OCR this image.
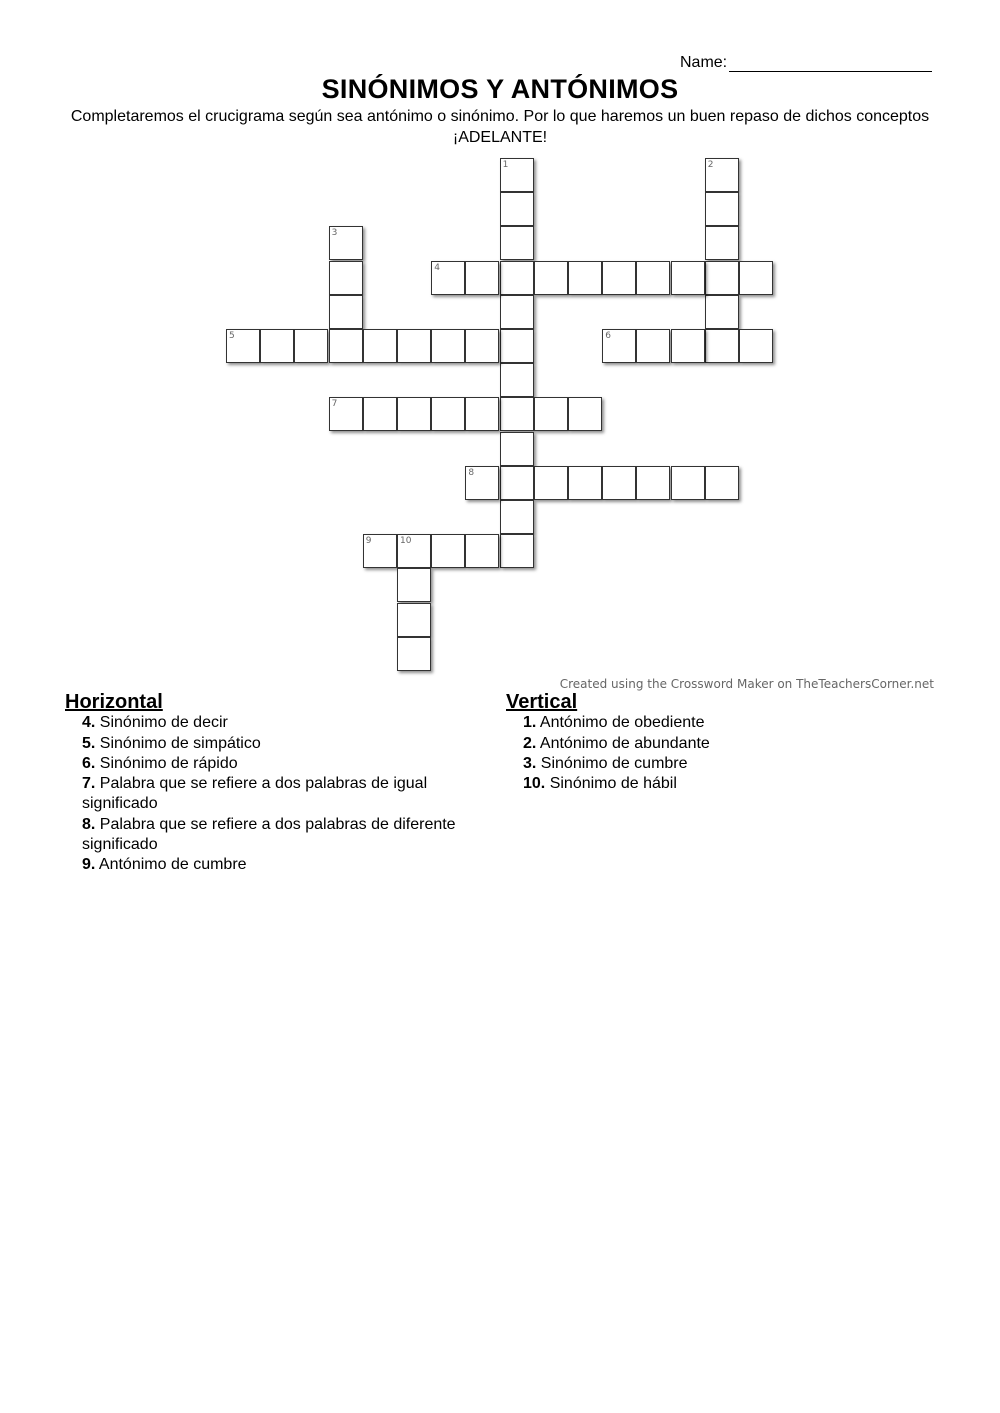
Name:
SINÓNIMOS Y ANTÓNIMOS
Completaremos el crucigrama según sea antónimo o sinónimo. Por lo que haremos un buen repaso de dichos conceptos ¡ADELANTE!
1	2
3
4
5	6
7
8
9	10
Created using the Crossword Maker on TheTeachersCorner.net
Horizontal
4. Sinónimo de decir
5. Sinónimo de simpático
6. Sinónimo de rápido
7. Palabra que se refiere a dos palabras de igual significado
8. Palabra que se refiere a dos palabras de diferente significado
9. Antónimo de cumbre
Vertical
1. Antónimo de obediente
2. Antónimo de abundante
3. Sinónimo de cumbre
10. Sinónimo de hábil
